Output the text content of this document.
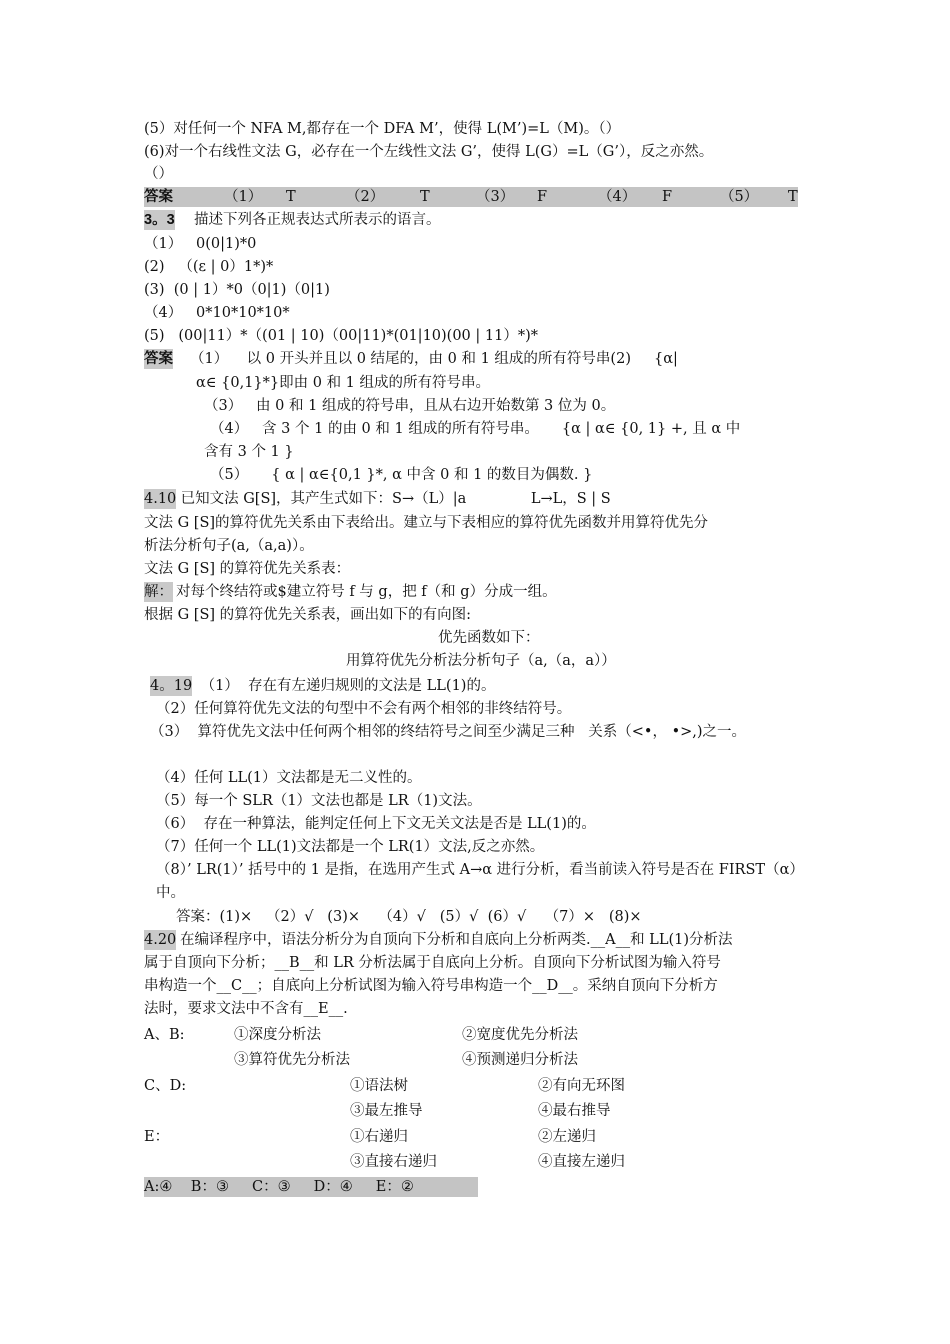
(5）对任何一个 NFA M,都存在一个 DFA M’，使得 L(M’)=L（M)。（）
(6)对一个右线性文法 G，必存在一个左线性文法 G’，使得 L(G）=L（G’），反之亦然。
（）
答案	（1） T	（2） T	（3） F	（4） F	（5） T
3。3 描述下列各正规表达式所表示的语言。
（1）   0(0|1)*0
(2)   （(ε | 0）1*)*
(3)  (0 | 1）*0（0|1)（0|1)
（4）   0*10*10*10*
(5)   (00|11）*（(01 | 10)（00|11)*(01|10)(00 | 11）*)*
答案 （1）    以 0 开头并且以 0 结尾的，由 0 和 1 组成的所有符号串(2)     {α|
α∈ {0,1}*}即由 0 和 1 组成的所有符号串。
（3）   由 0 和 1 组成的符号串，且从右边开始数第 3 位为 0。
（4）   含 3 个 1 的由 0 和 1 组成的所有符号串。     {α | α∈ {0, 1} +, 且 α 中
含有 3 个 1 }
（5）     { α | α∈{0,1 }*, α 中含 0 和 1 的数目为偶数. }
4.10 已知文法 G[S]，其产生式如下：S→（L）|a              L→L，S | S
文法 G [S]的算符优先关系由下表给出。建立与下表相应的算符优先函数并用算符优先分
析法分析句子(a,（a,a)）。
文法 G [S] 的算符优先关系表：
解： 对每个终结符或$建立符号 f 与 g，把 f（和 g）分成一组。
根据 G [S] 的算符优先关系表，画出如下的有向图:
优先函数如下：
用算符优先分析法分析句子（a,（a，a））
4。19 （1）  存在有左递归规则的文法是 LL(1)的。
（2）任何算符优先文法的句型中不会有两个相邻的非终结符号。
（3）  算符优先文法中任何两个相邻的终结符号之间至少满足三种   关系（<•， •>,)之一。
（4）任何 LL(1）文法都是无二义性的。
（5）每一个 SLR（1）文法也都是 LR（1)文法。
（6）  存在一种算法，能判定任何上下文无关文法是否是 LL(1)的。
（7）任何一个 LL(1)文法都是一个 LR(1）文法,反之亦然。
（8）’ LR(1）’ 括号中的 1 是指，在选用产生式 A→α 进行分析，看当前读入符号是否在 FIRST（α）
中。
答案：(1)×   （2）√   (3)×    （4）√   (5）√  (6）√    （7）×   (8)×
4.20 在编译程序中，语法分析分为自顶向下分析和自底向上分析两类.__A__和 LL(1)分析法
属于自顶向下分析；__B__和 LR 分析法属于自底向上分析。自顶向下分析试图为输入符号
串构造一个__C__；自底向上分析试图为输入符号串构造一个__D__。采纳自顶向下分析方
法时，要求文法中不含有__E__.
A、B:	①深度分析法	②宽度优先分析法
③算符优先分析法	④预测递归分析法
C、D:	①语法树	②有向无环图
③最左推导	④最右推导
E：	①右递归	②左递归
③直接右递归	④直接左递归
A:④    B：③     C：③     D：④     E：②
